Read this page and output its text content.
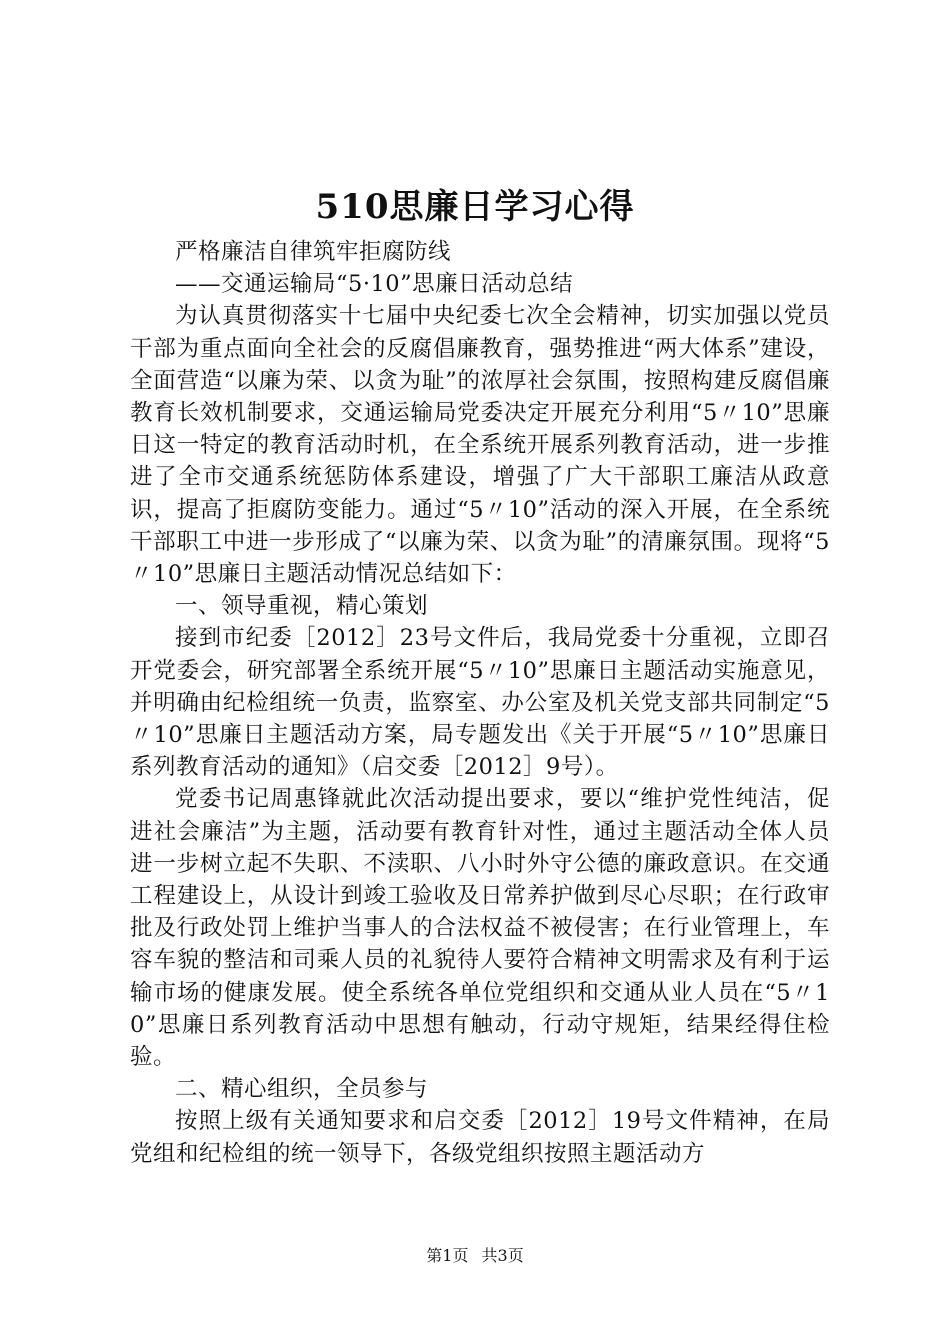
510思廉日学习心得

严格廉洁自律筑牢拒腐防线

——交通运输局“5·10”思廉日活动总结

为认真贯彻落实十七届中央纪委七次全会精神，切实加强以党员干部为重点面向全社会的反腐倡廉教育，强势推进“两大体系”建设，全面营造“以廉为荣、以贪为耻”的浓厚社会氛围，按照构建反腐倡廉教育长效机制要求，交通运输局党委决定开展充分利用“5〃10”思廉日这一特定的教育活动时机，在全系统开展系列教育活动，进一步推进了全市交通系统惩防体系建设，增强了广大干部职工廉洁从政意识，提高了拒腐防变能力。通过“5〃10”活动的深入开展，在全系统干部职工中进一步形成了“以廉为荣、以贪为耻”的清廉氛围。现将“5〃10”思廉日主题活动情况总结如下：

一、领导重视，精心策划

接到市纪委［2012］23号文件后，我局党委十分重视，立即召开党委会，研究部署全系统开展“5〃10”思廉日主题活动实施意见，并明确由纪检组统一负责，监察室、办公室及机关党支部共同制定“5〃10”思廉日主题活动方案，局专题发出《关于开展“5〃10”思廉日系列教育活动的通知》（启交委［2012］9号）。

党委书记周惠锋就此次活动提出要求，要以“维护党性纯洁，促进社会廉洁”为主题，活动要有教育针对性，通过主题活动全体人员进一步树立起不失职、不渎职、八小时外守公德的廉政意识。在交通工程建设上，从设计到竣工验收及日常养护做到尽心尽职；在行政审批及行政处罚上维护当事人的合法权益不被侵害；在行业管理上，车容车貌的整洁和司乘人员的礼貌待人要符合精神文明需求及有利于运输市场的健康发展。使全系统各单位党组织和交通从业人员在“5〃10”思廉日系列教育活动中思想有触动，行动守规矩，结果经得住检验。

二、精心组织，全员参与

按照上级有关通知要求和启交委［2012］19号文件精神，在局党组和纪检组的统一领导下，各级党组织按照主题活动方

第1页 共3页
